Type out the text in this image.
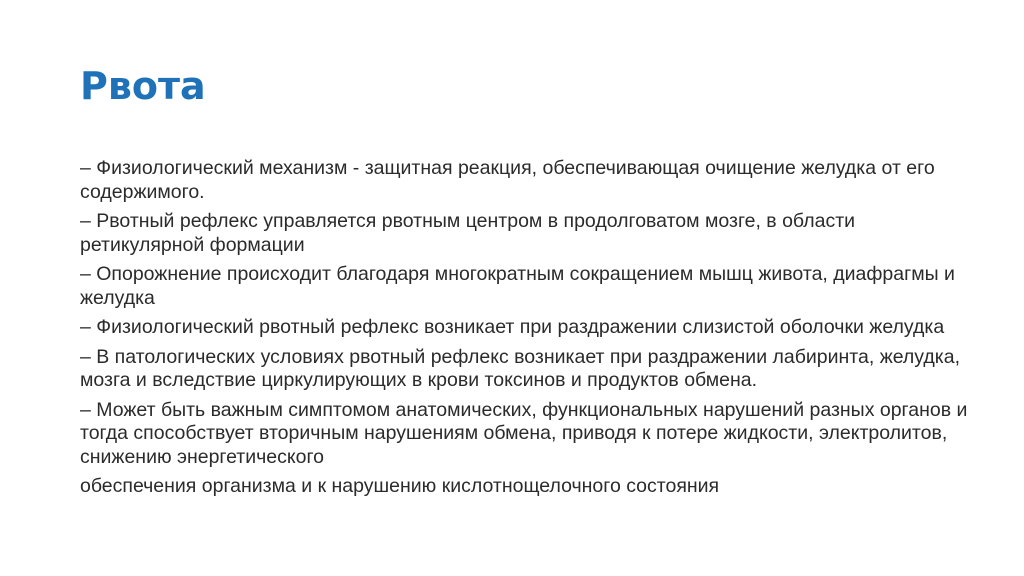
Рвота
– Физиологический механизм - защитная реакция, обеспечивающая очищение желудка от его содержимого.
– Рвотный рефлекс управляется рвотным центром в продолговатом мозге, в области ретикулярной формации
– Опорожнение происходит благодаря многократным сокращением мышц живота, диафрагмы и желудка
– Физиологический рвотный рефлекс возникает при раздражении слизистой оболочки желудка
– В патологических условиях рвотный рефлекс возникает при раздражении лабиринта, желудка, мозга и вследствие циркулирующих в крови токсинов и продуктов обмена.
– Может быть важным симптомом анатомических, функциональных нарушений разных органов и тогда способствует вторичным нарушениям обмена, приводя к потере жидкости, электролитов, снижению энергетического
обеспечения организма и к нарушению кислотнощелочного состояния
